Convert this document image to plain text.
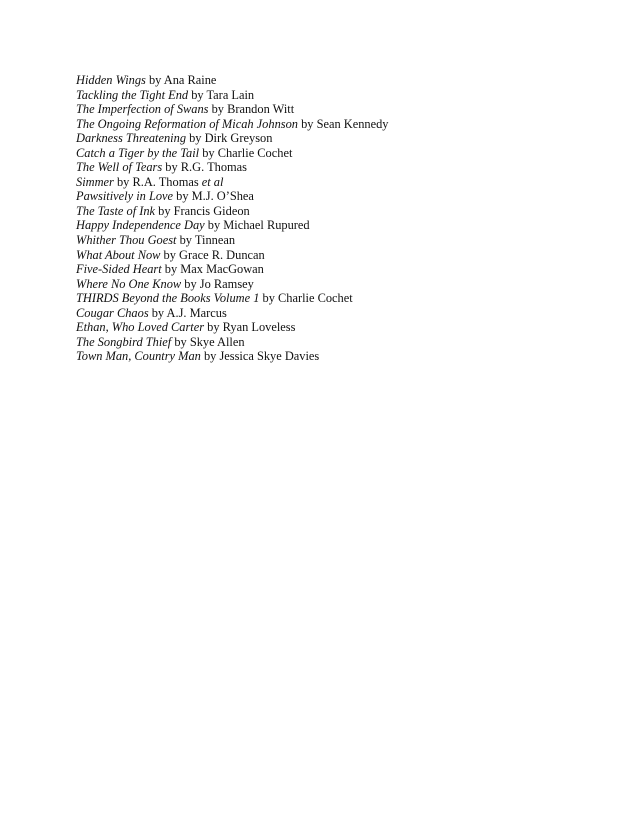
Hidden Wings by Ana Raine
Tackling the Tight End by Tara Lain
The Imperfection of Swans by Brandon Witt
The Ongoing Reformation of Micah Johnson by Sean Kennedy
Darkness Threatening by Dirk Greyson
Catch a Tiger by the Tail by Charlie Cochet
The Well of Tears by R.G. Thomas
Simmer by R.A. Thomas et al
Pawsitively in Love by M.J. O’Shea
The Taste of Ink by Francis Gideon
Happy Independence Day by Michael Rupured
Whither Thou Goest by Tinnean
What About Now by Grace R. Duncan
Five-Sided Heart by Max MacGowan
Where No One Know by Jo Ramsey
THIRDS Beyond the Books Volume 1 by Charlie Cochet
Cougar Chaos by A.J. Marcus
Ethan, Who Loved Carter by Ryan Loveless
The Songbird Thief by Skye Allen
Town Man, Country Man by Jessica Skye Davies
